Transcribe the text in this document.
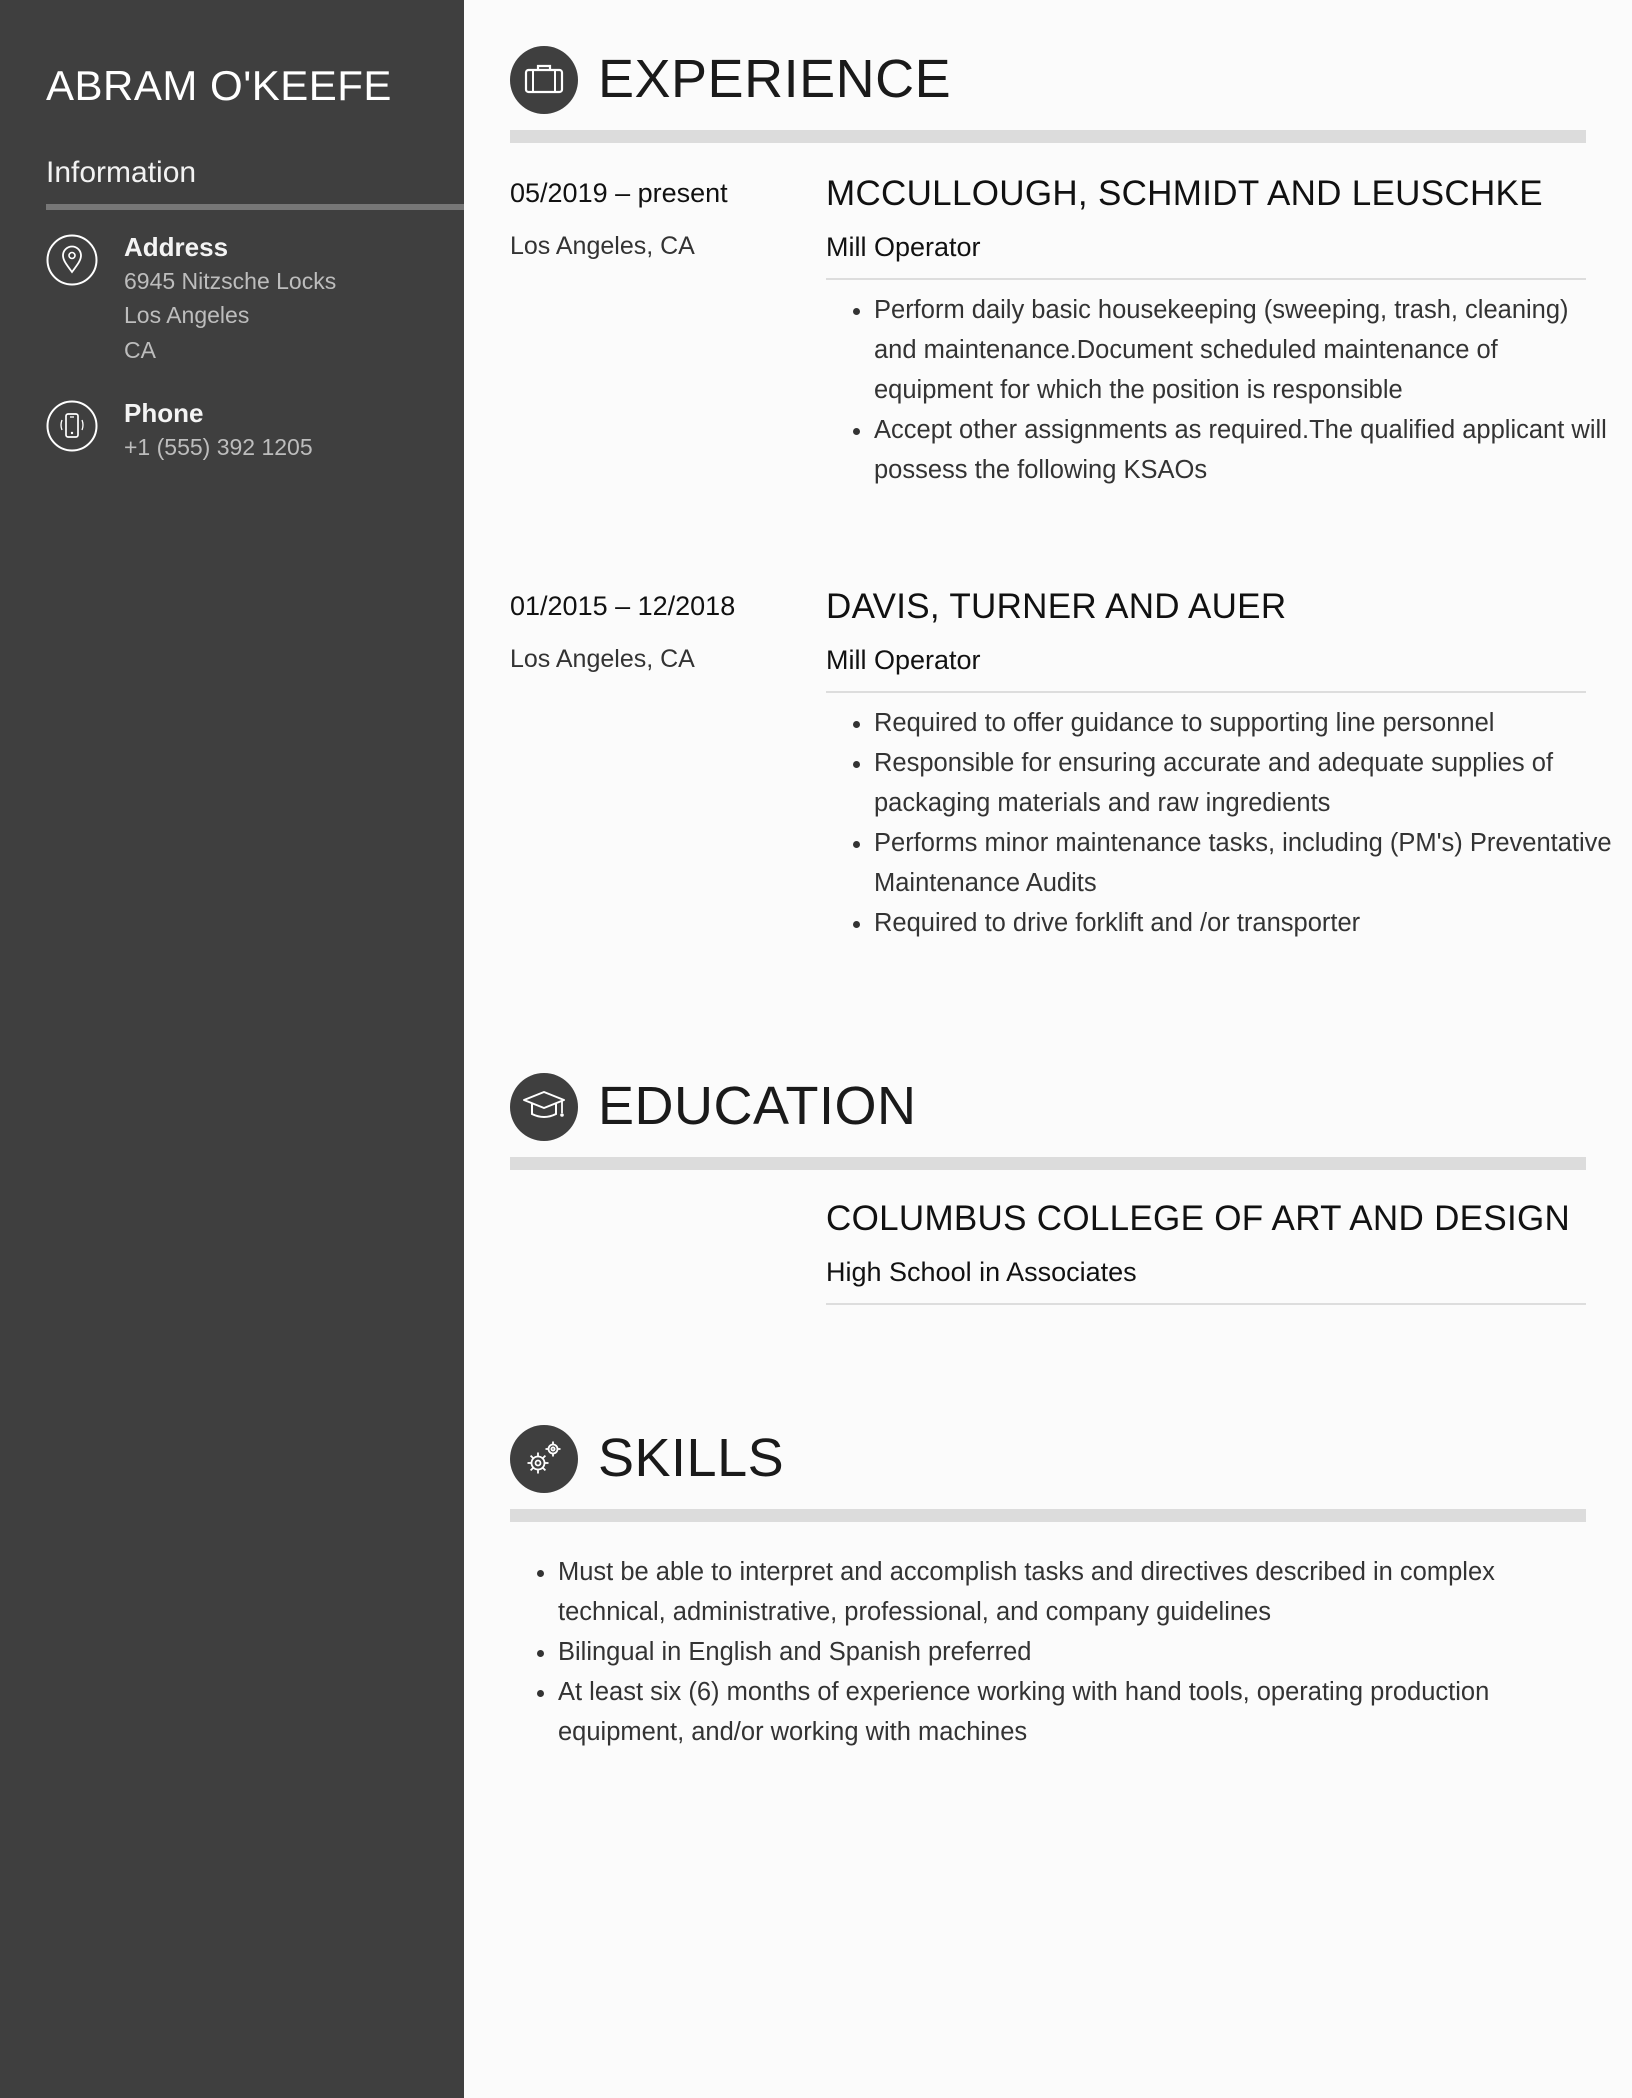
ABRAM O'KEEFE
Information
Address
6945 Nitzsche Locks
Los Angeles
CA
Phone
+1 (555) 392 1205
EXPERIENCE
05/2019 – present
Los Angeles, CA
MCCULLOUGH, SCHMIDT AND LEUSCHKE
Mill Operator
• Perform daily basic housekeeping (sweeping, trash, cleaning) and maintenance.Document scheduled maintenance of equipment for which the position is responsible
• Accept other assignments as required.The qualified applicant will possess the following KSAOs
01/2015 – 12/2018
Los Angeles, CA
DAVIS, TURNER AND AUER
Mill Operator
• Required to offer guidance to supporting line personnel
• Responsible for ensuring accurate and adequate supplies of packaging materials and raw ingredients
• Performs minor maintenance tasks, including (PM's) Preventative Maintenance Audits
• Required to drive forklift and /or transporter
EDUCATION
COLUMBUS COLLEGE OF ART AND DESIGN
High School in Associates
SKILLS
• Must be able to interpret and accomplish tasks and directives described in complex technical, administrative, professional, and company guidelines
• Bilingual in English and Spanish preferred
• At least six (6) months of experience working with hand tools, operating production equipment, and/or working with machines
